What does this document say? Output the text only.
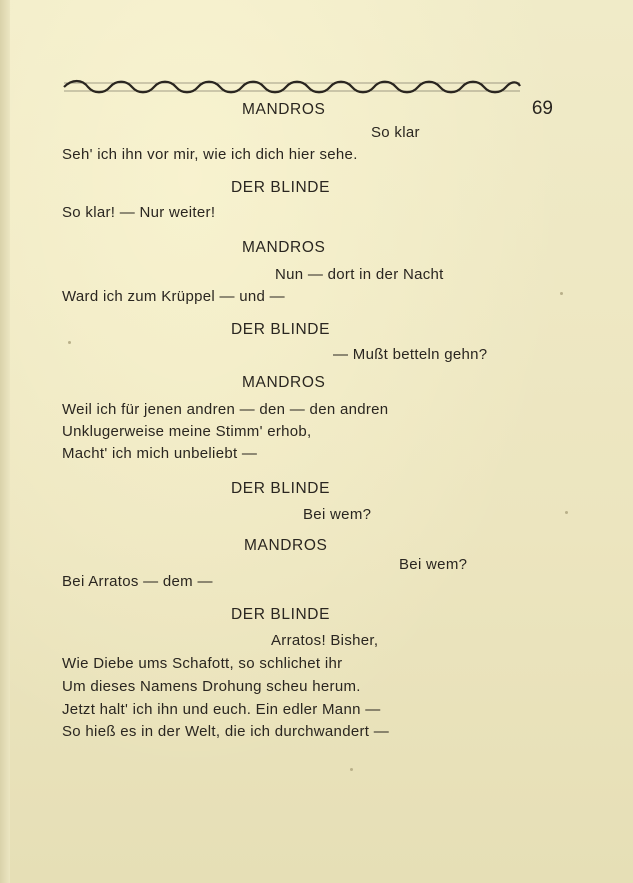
69
MANDROS
So klar
Seh' ich ihn vor mir, wie ich dich hier sehe.
DER BLINDE
So klar! — Nur weiter!
MANDROS
Nun — dort in der Nacht
Ward ich zum Krüppel — und —
DER BLINDE
— Mußt betteln gehn?
MANDROS
Weil ich für jenen andren — den — den andren
Unklugerweise meine Stimm' erhob,
Macht' ich mich unbeliebt —
DER BLINDE
Bei wem?
MANDROS
Bei wem?
Bei Arratos — dem —
DER BLINDE
Arratos! Bisher,
Wie Diebe ums Schafott, so schlichet ihr
Um dieses Namens Drohung scheu herum.
Jetzt halt' ich ihn und euch. Ein edler Mann —
So hieß es in der Welt, die ich durchwandert —
